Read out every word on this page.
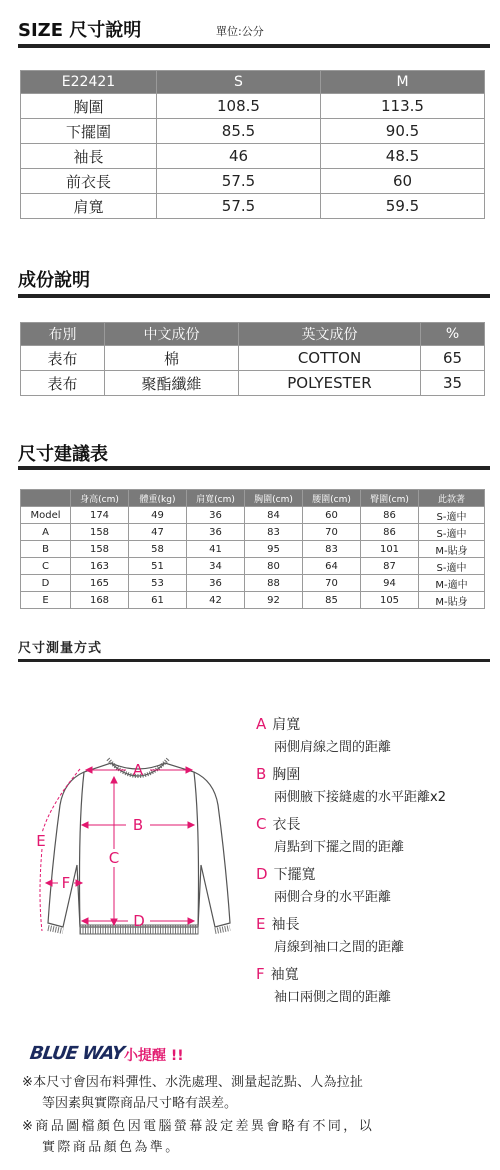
SIZE 尺寸說明	單位:公分
E22421	S	M
胸圍	108.5	113.5
下擺圍	85.5	90.5
袖長	46	48.5
前衣長	57.5	60
肩寬	57.5	59.5
成份說明
布別	中文成份	英文成份	%
表布	棉	COTTON	65
表布	聚酯纖維	POLYESTER	35
尺寸建議表
	身高(cm)	體重(kg)	肩寬(cm)	胸圍(cm)	腰圍(cm)	臀圍(cm)	此款著
Model	174	49	36	84	60	86	S-適中
A	158	47	36	83	70	86	S-適中
B	158	58	41	95	83	101	M-貼身
C	163	51	34	80	64	87	S-適中
D	165	53	36	88	70	94	M-適中
E	168	61	42	92	85	105	M-貼身
尺寸測量方式
A
B
C
D
E
F
A 肩寬
兩側肩線之間的距離
B 胸圍
兩側腋下接縫處的水平距離x2
C 衣長
肩點到下擺之間的距離
D 下擺寬
兩側合身的水平距離
E 袖長
肩線到袖口之間的距離
F 袖寬
袖口兩側之間的距離
BLUE WAY 小提醒 !!
※本尺寸會因布料彈性、水洗處理、測量起訖點、人為拉扯
等因素與實際商品尺寸略有誤差。
※商品圖檔顏色因電腦螢幕設定差異會略有不同，以
實際商品顏色為準。
